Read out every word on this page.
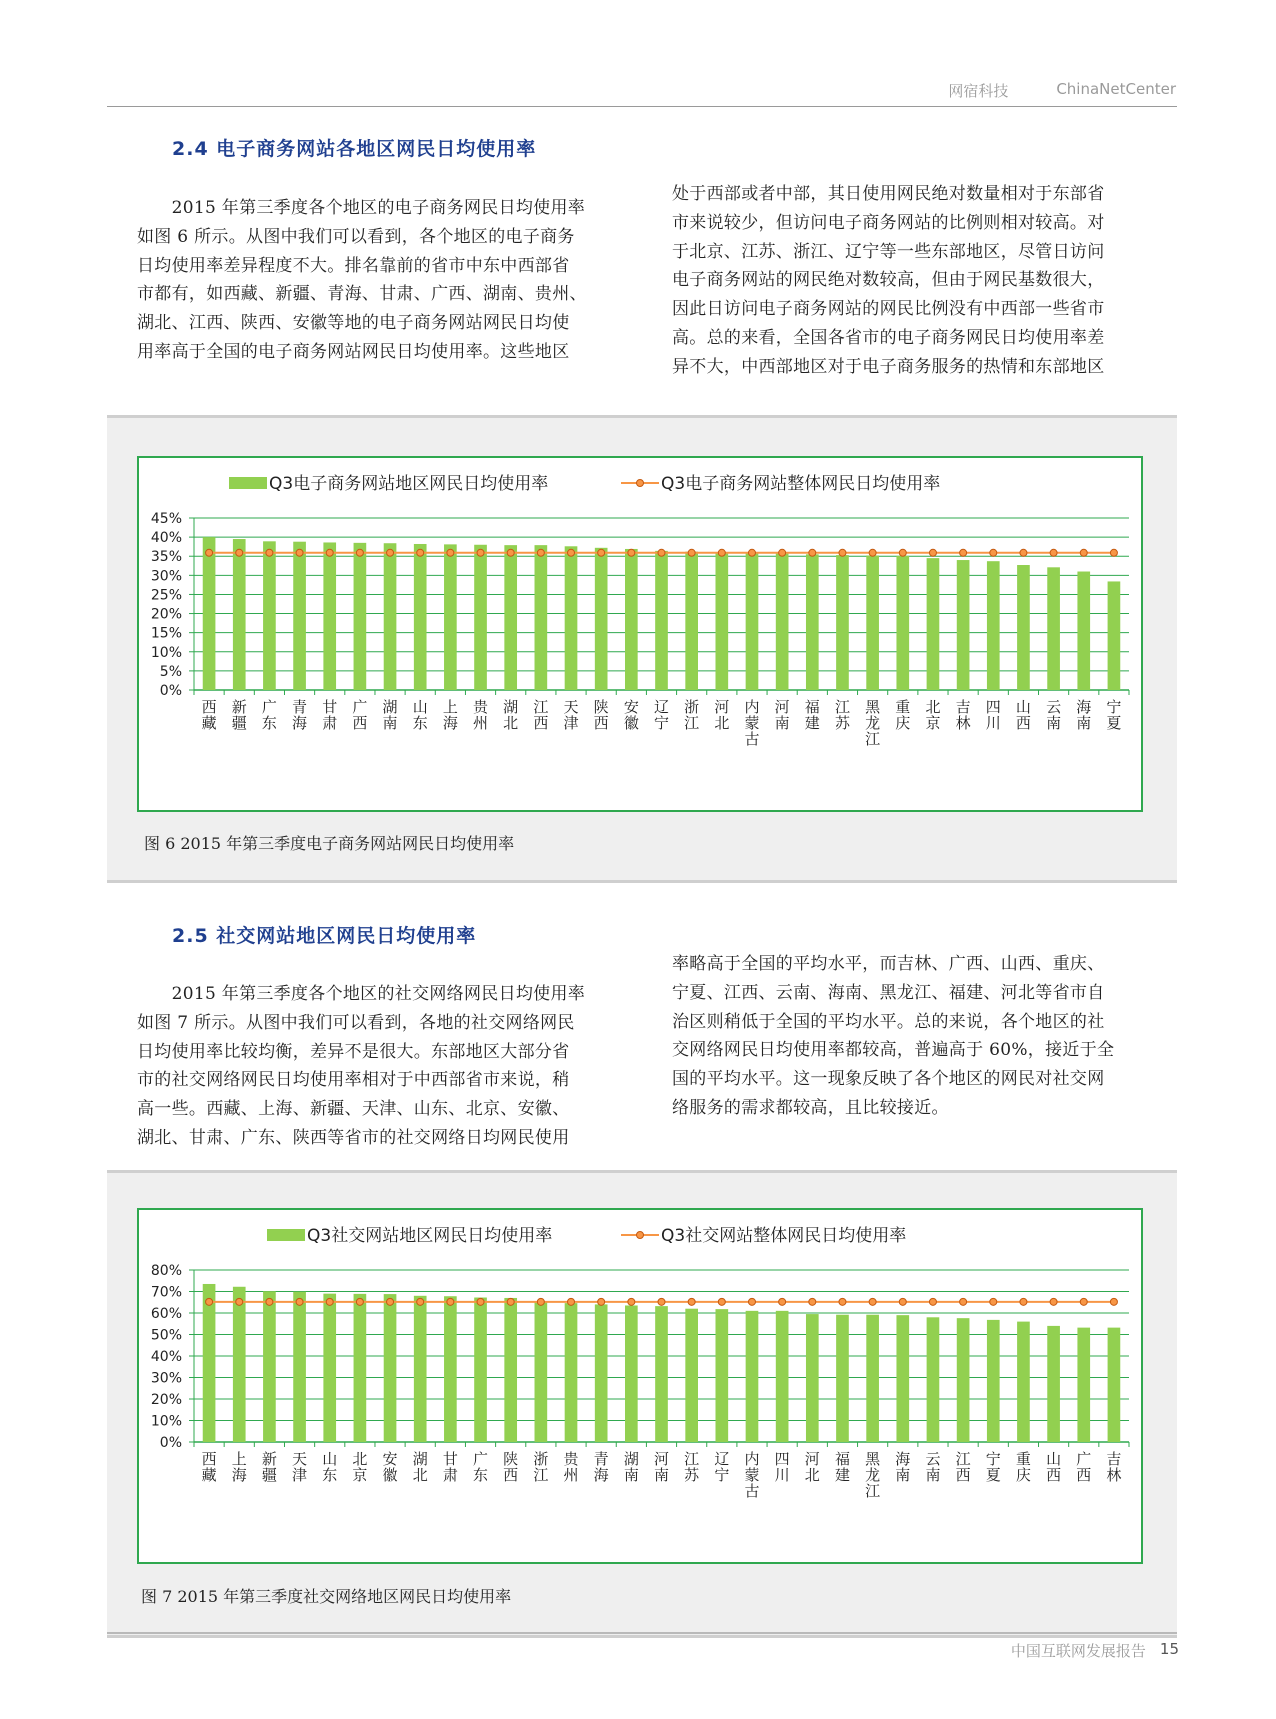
网宿科技	ChinaNetCenter
2.4 电子商务网站各地区网民日均使用率
　　2015 年第三季度各个地区的电子商务网民日均使用率
如图 6 所示。从图中我们可以看到，各个地区的电子商务
日均使用率差异程度不大。排名靠前的省市中东中西部省
市都有，如西藏、新疆、青海、甘肃、广西、湖南、贵州、
湖北、江西、陕西、安徽等地的电子商务网站网民日均使
用率高于全国的电子商务网站网民日均使用率。这些地区
处于西部或者中部，其日使用网民绝对数量相对于东部省
市来说较少，但访问电子商务网站的比例则相对较高。对
于北京、江苏、浙江、辽宁等一些东部地区，尽管日访问
电子商务网站的网民绝对数较高，但由于网民基数很大，
因此日访问电子商务网站的网民比例没有中西部一些省市
高。总的来看，全国各省市的电子商务网民日均使用率差
异不大，中西部地区对于电子商务服务的热情和东部地区
Q3电子商务网站地区网民日均使用率	Q3电子商务网站整体网民日均使用率
45%
40%
35%
30%
25%
20%
15%
10%
5%
0%
西藏
新疆
广东
青海
甘肃
广西
湖南
山东
上海
贵州
湖北
江西
天津
陕西
安徽
辽宁
浙江
河北
内蒙古
河南
福建
江苏
黑龙江
重庆
北京
吉林
四川
山西
云南
海南
宁夏
图 6 2015 年第三季度电子商务网站网民日均使用率
2.5 社交网站地区网民日均使用率
　　2015 年第三季度各个地区的社交网络网民日均使用率
如图 7 所示。从图中我们可以看到，各地的社交网络网民
日均使用率比较均衡，差异不是很大。东部地区大部分省
市的社交网络网民日均使用率相对于中西部省市来说，稍
高一些。西藏、上海、新疆、天津、山东、北京、安徽、
湖北、甘肃、广东、陕西等省市的社交网络日均网民使用
率略高于全国的平均水平，而吉林、广西、山西、重庆、
宁夏、江西、云南、海南、黑龙江、福建、河北等省市自
治区则稍低于全国的平均水平。总的来说，各个地区的社
交网络网民日均使用率都较高，普遍高于 60%，接近于全
国的平均水平。这一现象反映了各个地区的网民对社交网
络服务的需求都较高，且比较接近。
Q3社交网站地区网民日均使用率	Q3社交网站整体网民日均使用率
80%
70%
60%
50%
40%
30%
20%
10%
0%
西藏
上海
新疆
天津
山东
北京
安徽
湖北
甘肃
广东
陕西
浙江
贵州
青海
湖南
河南
江苏
辽宁
内蒙古
四川
河北
福建
黑龙江
海南
云南
江西
宁夏
重庆
山西
广西
吉林
图 7 2015 年第三季度社交网络地区网民日均使用率
中国互联网发展报告 15
